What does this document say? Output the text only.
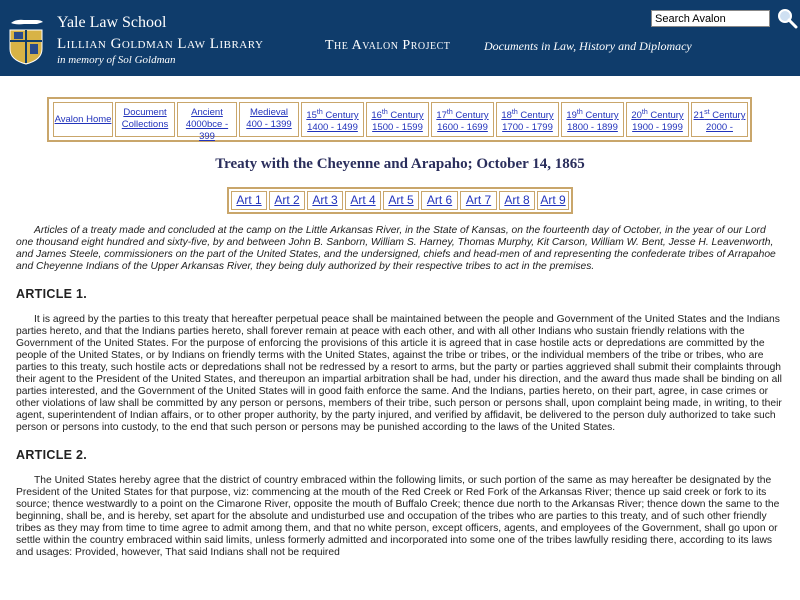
Yale Law School
Lillian Goldman Law Library
in memory of Sol Goldman
The Avalon Project	Documents in Law, History and Diplomacy
Search Avalon
Avalon Home
Document
Collections
Ancient
4000bce - 399
Medieval
400 - 1399
15th Century
1400 - 1499
16th Century
1500 - 1599
17th Century
1600 - 1699
18th Century
1700 - 1799
19th Century
1800 - 1899
20th Century
1900 - 1999
21st Century
2000 -
Treaty with the Cheyenne and Arapaho; October 14, 1865
Art 1	Art 2	Art 3	Art 4	Art 5	Art 6	Art 7	Art 8 Art 9

Articles of a treaty made and concluded at the camp on the Little Arkansas River, in the State of Kansas, on the fourteenth day of October, in the year of our Lord one thousand eight hundred and sixty-five, by and between John B. Sanborn, William S. Harney, Thomas Murphy, Kit Carson, William W. Bent, Jesse H. Leavenworth, and James Steele, commissioners on the part of the United States, and the undersigned, chiefs and head-men of and representing the confederate tribes of Arrapahoe and Cheyenne Indians of the Upper Arkansas River, they being duly authorized by their respective tribes to act in the premises.

ARTICLE 1.

It is agreed by the parties to this treaty that hereafter perpetual peace shall be maintained between the people and Government of the United States and the Indians parties hereto, and that the Indians parties hereto, shall forever remain at peace with each other, and with all other Indians who sustain friendly relations with the Government of the United States. For the purpose of enforcing the provisions of this article it is agreed that in case hostile acts or depredations are committed by the people of the United States, or by Indians on friendly terms with the United States, against the tribe or tribes, or the individual members of the tribe or tribes, who are parties to this treaty, such hostile acts or depredations shall not be redressed by a resort to arms, but the party or parties aggrieved shall submit their complaints through their agent to the President of the United States, and thereupon an impartial arbitration shall be had, under his direction, and the award thus made shall be binding on all parties interested, and the Government of the United States will in good faith enforce the same. And the Indians, parties hereto, on their part, agree, in case crimes or other violations of law shall be committed by any person or persons, members of their tribe, such person or persons shall, upon complaint being made, in writing, to their agent, superintendent of Indian affairs, or to other proper authority, by the party injured, and verified by affidavit, be delivered to the person duly authorized to take such person or persons into custody, to the end that such person or persons may be punished according to the laws of the United States.

ARTICLE 2.

The United States hereby agree that the district of country embraced within the following limits, or such portion of the same as may hereafter be designated by the President of the United States for that purpose, viz: commencing at the mouth of the Red Creek or Red Fork of the Arkansas River; thence up said creek or fork to its source; thence westwardly to a point on the Cimarone River, opposite the mouth of Buffalo Creek; thence due north to the Arkansas River; thence down the same to the beginning, shall be, and is hereby, set apart for the absolute and undisturbed use and occupation of the tribes who are parties to this treaty, and of such other friendly tribes as they may from time to time agree to admit among them, and that no white person, except officers, agents, and employees of the Government, shall go upon or settle within the country embraced within said limits, unless formerly admitted and incorporated into some one of the tribes lawfully residing there, according to its laws and usages: Provided, however, That said Indians shall not be required
